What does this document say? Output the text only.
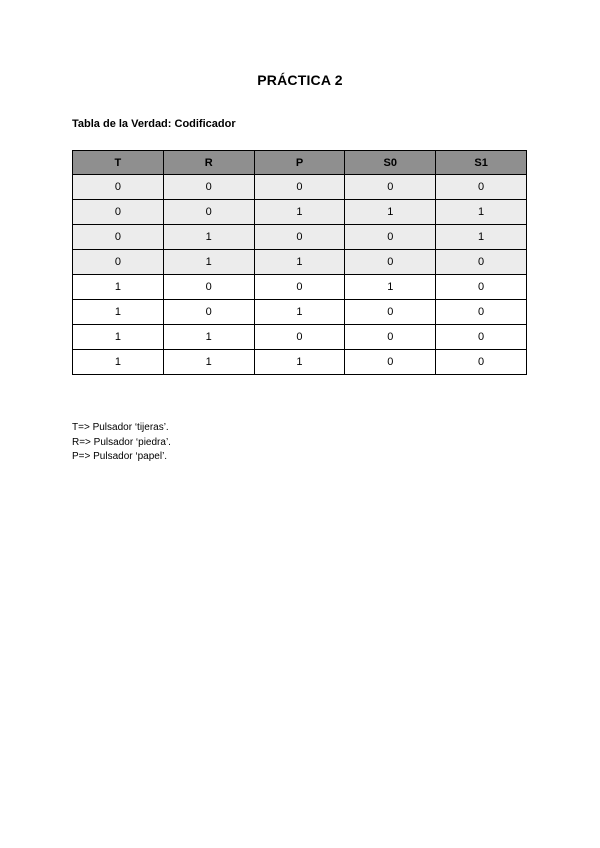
PRÁCTICA 2
Tabla de la Verdad: Codificador
T	R	P	S0	S1
0	0	0	0	0
0	0	1	1	1
0	1	0	0	1
0	1	1	0	0
1	0	0	1	0
1	0	1	0	0
1	1	0	0	0
1	1	1	0	0
T=> Pulsador ‘tijeras’.
R=> Pulsador ‘piedra’.
P=> Pulsador ‘papel’.
